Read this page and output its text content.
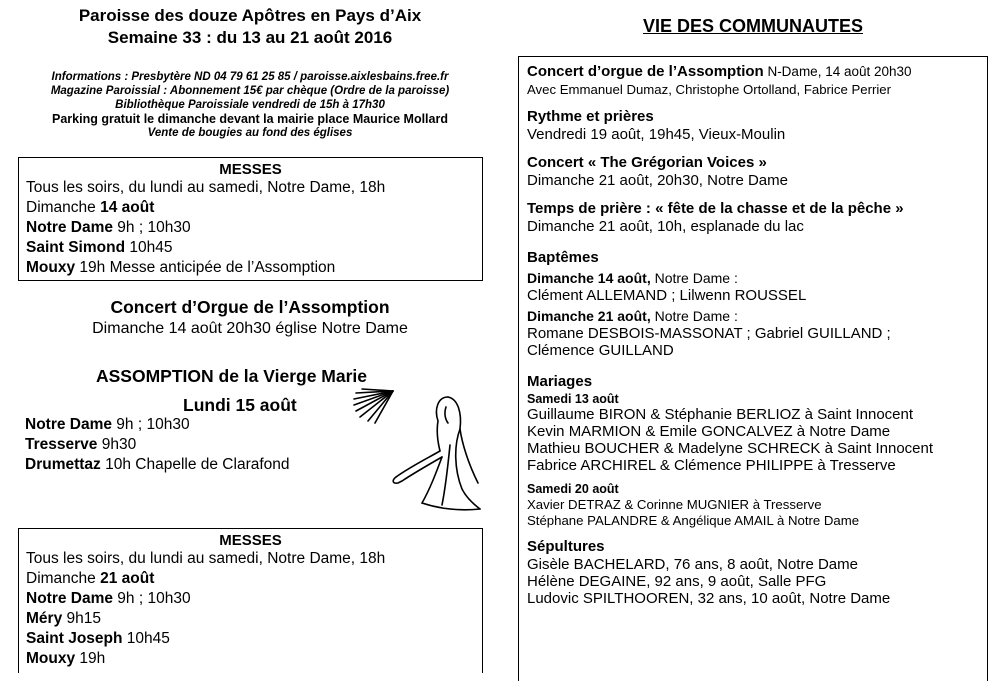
Paroisse des douze Apôtres en Pays d’Aix
Semaine 33 : du 13 au 21 août 2016
Informations : Presbytère ND 04 79 61 25 85 / paroisse.aixlesbains.free.fr
Magazine Paroissial : Abonnement 15€ par chèque (Ordre de la paroisse)
Bibliothèque Paroissiale vendredi de 15h à 17h30
Parking gratuit le dimanche devant la mairie place Maurice Mollard
Vente de bougies au fond des églises
MESSES
Tous les soirs, du lundi au samedi, Notre Dame, 18h
Dimanche 14 août
Notre Dame 9h ; 10h30
Saint Simond 10h45
Mouxy 19h Messe anticipée de l’Assomption
Concert d’Orgue de l’Assomption
Dimanche 14 août 20h30 église Notre Dame
ASSOMPTION de la Vierge Marie
Lundi 15 août
Notre Dame 9h ; 10h30
Tresserve 9h30
Drumettaz 10h Chapelle de Clarafond
MESSES
Tous les soirs, du lundi au samedi, Notre Dame, 18h
Dimanche 21 août
Notre Dame 9h ; 10h30
Méry 9h15
Saint Joseph 10h45
Mouxy 19h
VIE DES COMMUNAUTES
Concert d’orgue de l’Assomption N-Dame, 14 août 20h30
Avec Emmanuel Dumaz, Christophe Ortolland, Fabrice Perrier
Rythme et prières
Vendredi 19 août, 19h45, Vieux-Moulin
Concert « The Grégorian Voices »
Dimanche 21 août, 20h30, Notre Dame
Temps de prière : « fête de la chasse et de la pêche »
Dimanche 21 août, 10h, esplanade du lac
Baptêmes
Dimanche 14 août, Notre Dame :
Clément ALLEMAND ; Lilwenn ROUSSEL
Dimanche 21 août, Notre Dame :
Romane DESBOIS-MASSONAT ; Gabriel GUILLAND ;
Clémence GUILLAND
Mariages
Samedi 13 août
Guillaume BIRON & Stéphanie BERLIOZ à Saint Innocent
Kevin MARMION & Emile GONCALVEZ à Notre Dame
Mathieu BOUCHER & Madelyne SCHRECK à Saint Innocent
Fabrice ARCHIREL & Clémence PHILIPPE à Tresserve
Samedi 20 août
Xavier DETRAZ & Corinne MUGNIER à Tresserve
Stéphane PALANDRE & Angélique AMAIL à Notre Dame
Sépultures
Gisèle BACHELARD, 76 ans, 8 août, Notre Dame
Hélène DEGAINE, 92 ans, 9 août, Salle PFG
Ludovic SPILTHOOREN, 32 ans, 10 août, Notre Dame
